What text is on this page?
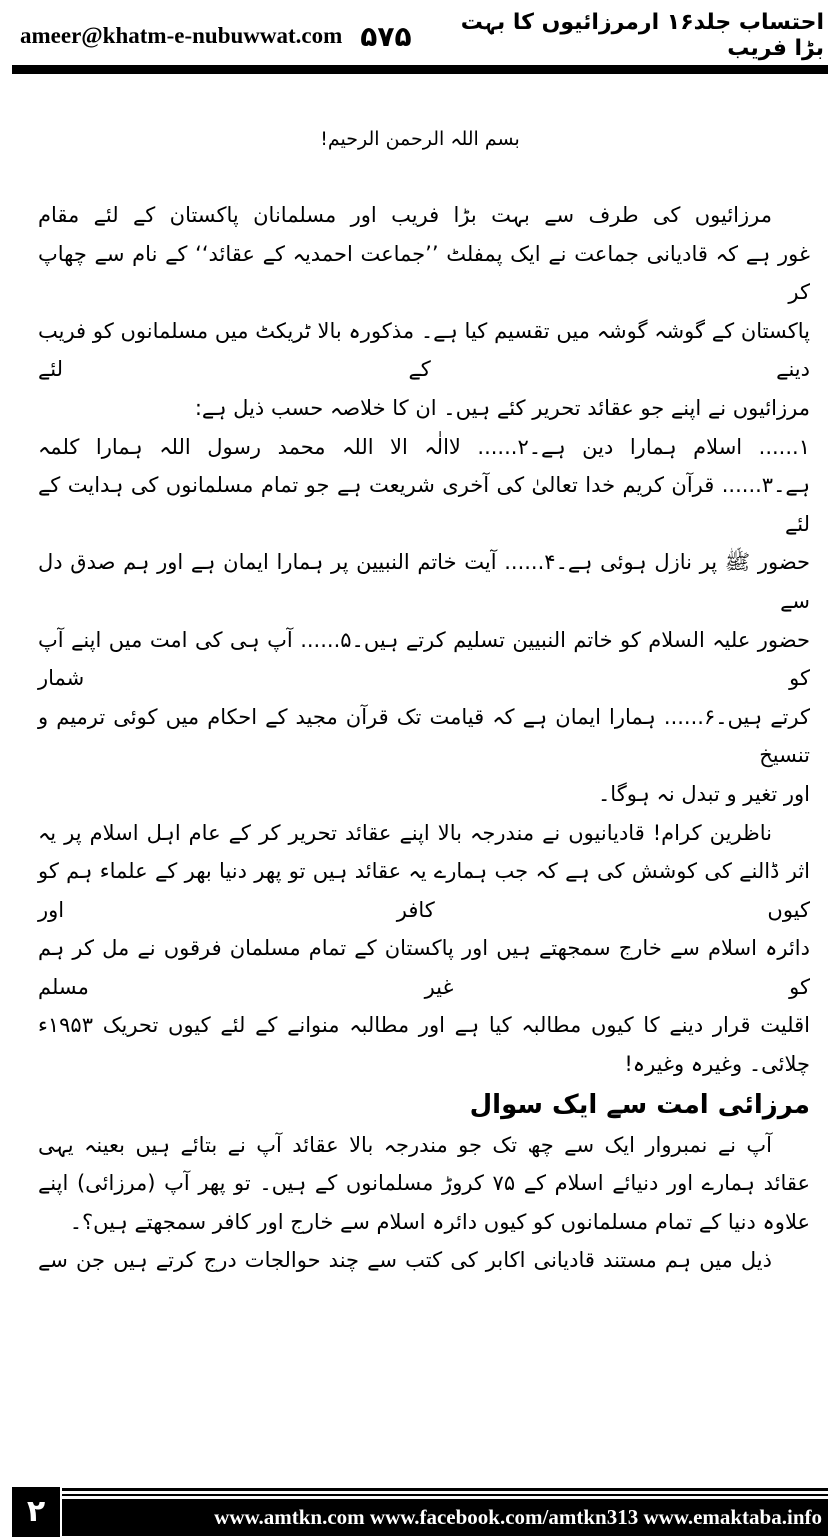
ameer@khatm-e-nubuwwat.com ۵۷۵	احتساب جلد۱۶ ارمرزائیوں کا بہت بڑا فریب
بسم اللہ الرحمن الرحیم!
مرزائیوں کی طرف سے بہت بڑا فریب اور مسلمانان پاکستان کے لئے مقام
غور ہے کہ قادیانی جماعت نے ایک پمفلٹ ’’جماعت احمدیہ کے عقائد‘‘ کے نام سے چھاپ کر
پاکستان کے گوشہ گوشہ میں تقسیم کیا ہے۔ مذکورہ بالا ٹریکٹ میں مسلمانوں کو فریب دینے کے لئے
مرزائیوں نے اپنے جو عقائد تحریر کئے ہیں۔ ان کا خلاصہ حسب ذیل ہے:
۱...... اسلام ہمارا دین ہے۔۲...... لاالٰہ الا اللہ محمد رسول اللہ ہمارا کلمہ
ہے۔۳...... قرآن کریم خدا تعالیٰ کی آخری شریعت ہے جو تمام مسلمانوں کی ہدایت کے لئے
حضور ﷺ پر نازل ہوئی ہے۔۴...... آیت خاتم النبیین پر ہمارا ایمان ہے اور ہم صدق دل سے
حضور علیہ السلام کو خاتم النبیین تسلیم کرتے ہیں۔۵...... آپ ہی کی امت میں اپنے آپ کو شمار
کرتے ہیں۔۶...... ہمارا ایمان ہے کہ قیامت تک قرآن مجید کے احکام میں کوئی ترمیم و تنسیخ
اور تغیر و تبدل نہ ہوگا۔
ناظرین کرام! قادیانیوں نے مندرجہ بالا اپنے عقائد تحریر کر کے عام اہل اسلام پر یہ
اثر ڈالنے کی کوشش کی ہے کہ جب ہمارے یہ عقائد ہیں تو پھر دنیا بھر کے علماء ہم کو کیوں کافر اور
دائرہ اسلام سے خارج سمجھتے ہیں اور پاکستان کے تمام مسلمان فرقوں نے مل کر ہم کو غیر مسلم
اقلیت قرار دینے کا کیوں مطالبہ کیا ہے اور مطالبہ منوانے کے لئے کیوں تحریک ۱۹۵۳ء
چلائی۔ وغیرہ وغیرہ!
مرزائی امت سے ایک سوال
آپ نے نمبروار ایک سے چھ تک جو مندرجہ بالا عقائد آپ نے بتائے ہیں بعینہ یہی
عقائد ہمارے اور دنیائے اسلام کے ۷۵ کروڑ مسلمانوں کے ہیں۔ تو پھر آپ (مرزائی) اپنے
علاوہ دنیا کے تمام مسلمانوں کو کیوں دائرہ اسلام سے خارج اور کافر سمجھتے ہیں؟۔
ذیل میں ہم مستند قادیانی اکابر کی کتب سے چند حوالجات درج کرتے ہیں جن سے
۲	www.amtkn.com www.facebook.com/amtkn313 www.emaktaba.info
